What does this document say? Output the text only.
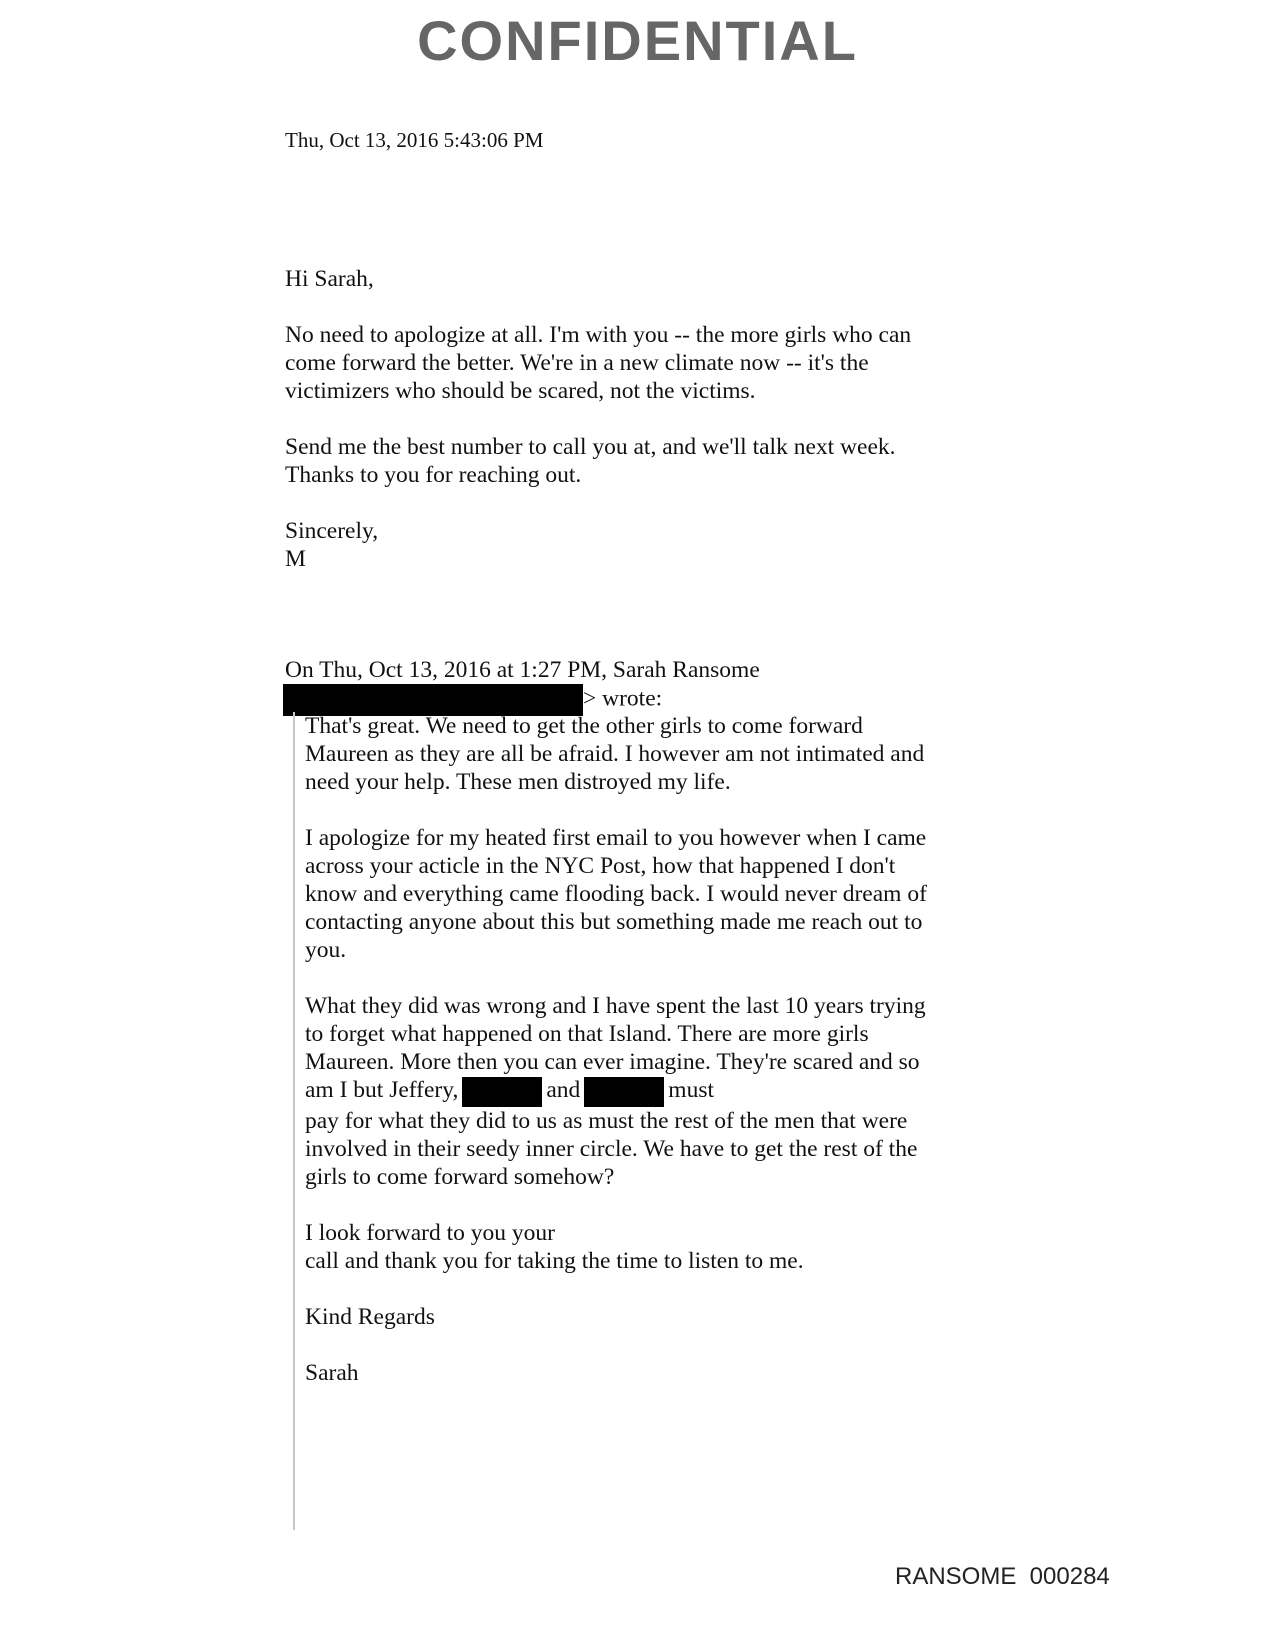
CONFIDENTIAL

Thu, Oct 13, 2016 5:43:06 PM

Hi Sarah,

No need to apologize at all. I'm with you -- the more girls who can
come forward the better. We're in a new climate now -- it's the
victimizers who should be scared, not the victims.

Send me the best number to call you at, and we'll talk next week.
Thanks to you for reaching out.

Sincerely,
M

On Thu, Oct 13, 2016 at 1:27 PM, Sarah Ransome
> wrote:

That's great. We need to get the other girls to come forward
Maureen as they are all be afraid. I however am not intimated and
need your help. These men distroyed my life.

I apologize for my heated first email to you however when I came
across your acticle in the NYC Post, how that happened I don't
know and everything came flooding back. I would never dream of
contacting anyone about this but something made me reach out to
you.

What they did was wrong and I have spent the last 10 years trying
to forget what happened on that Island. There are more girls
Maureen. More then you can ever imagine. They're scared and so
am I but Jeffery,	and	must
pay for what they did to us as must the rest of the men that were
involved in their seedy inner circle. We have to get the rest of the
girls to come forward somehow?

I look forward to you your
call and thank you for taking the time to listen to me.

Kind Regards

Sarah

RANSOME  000284
